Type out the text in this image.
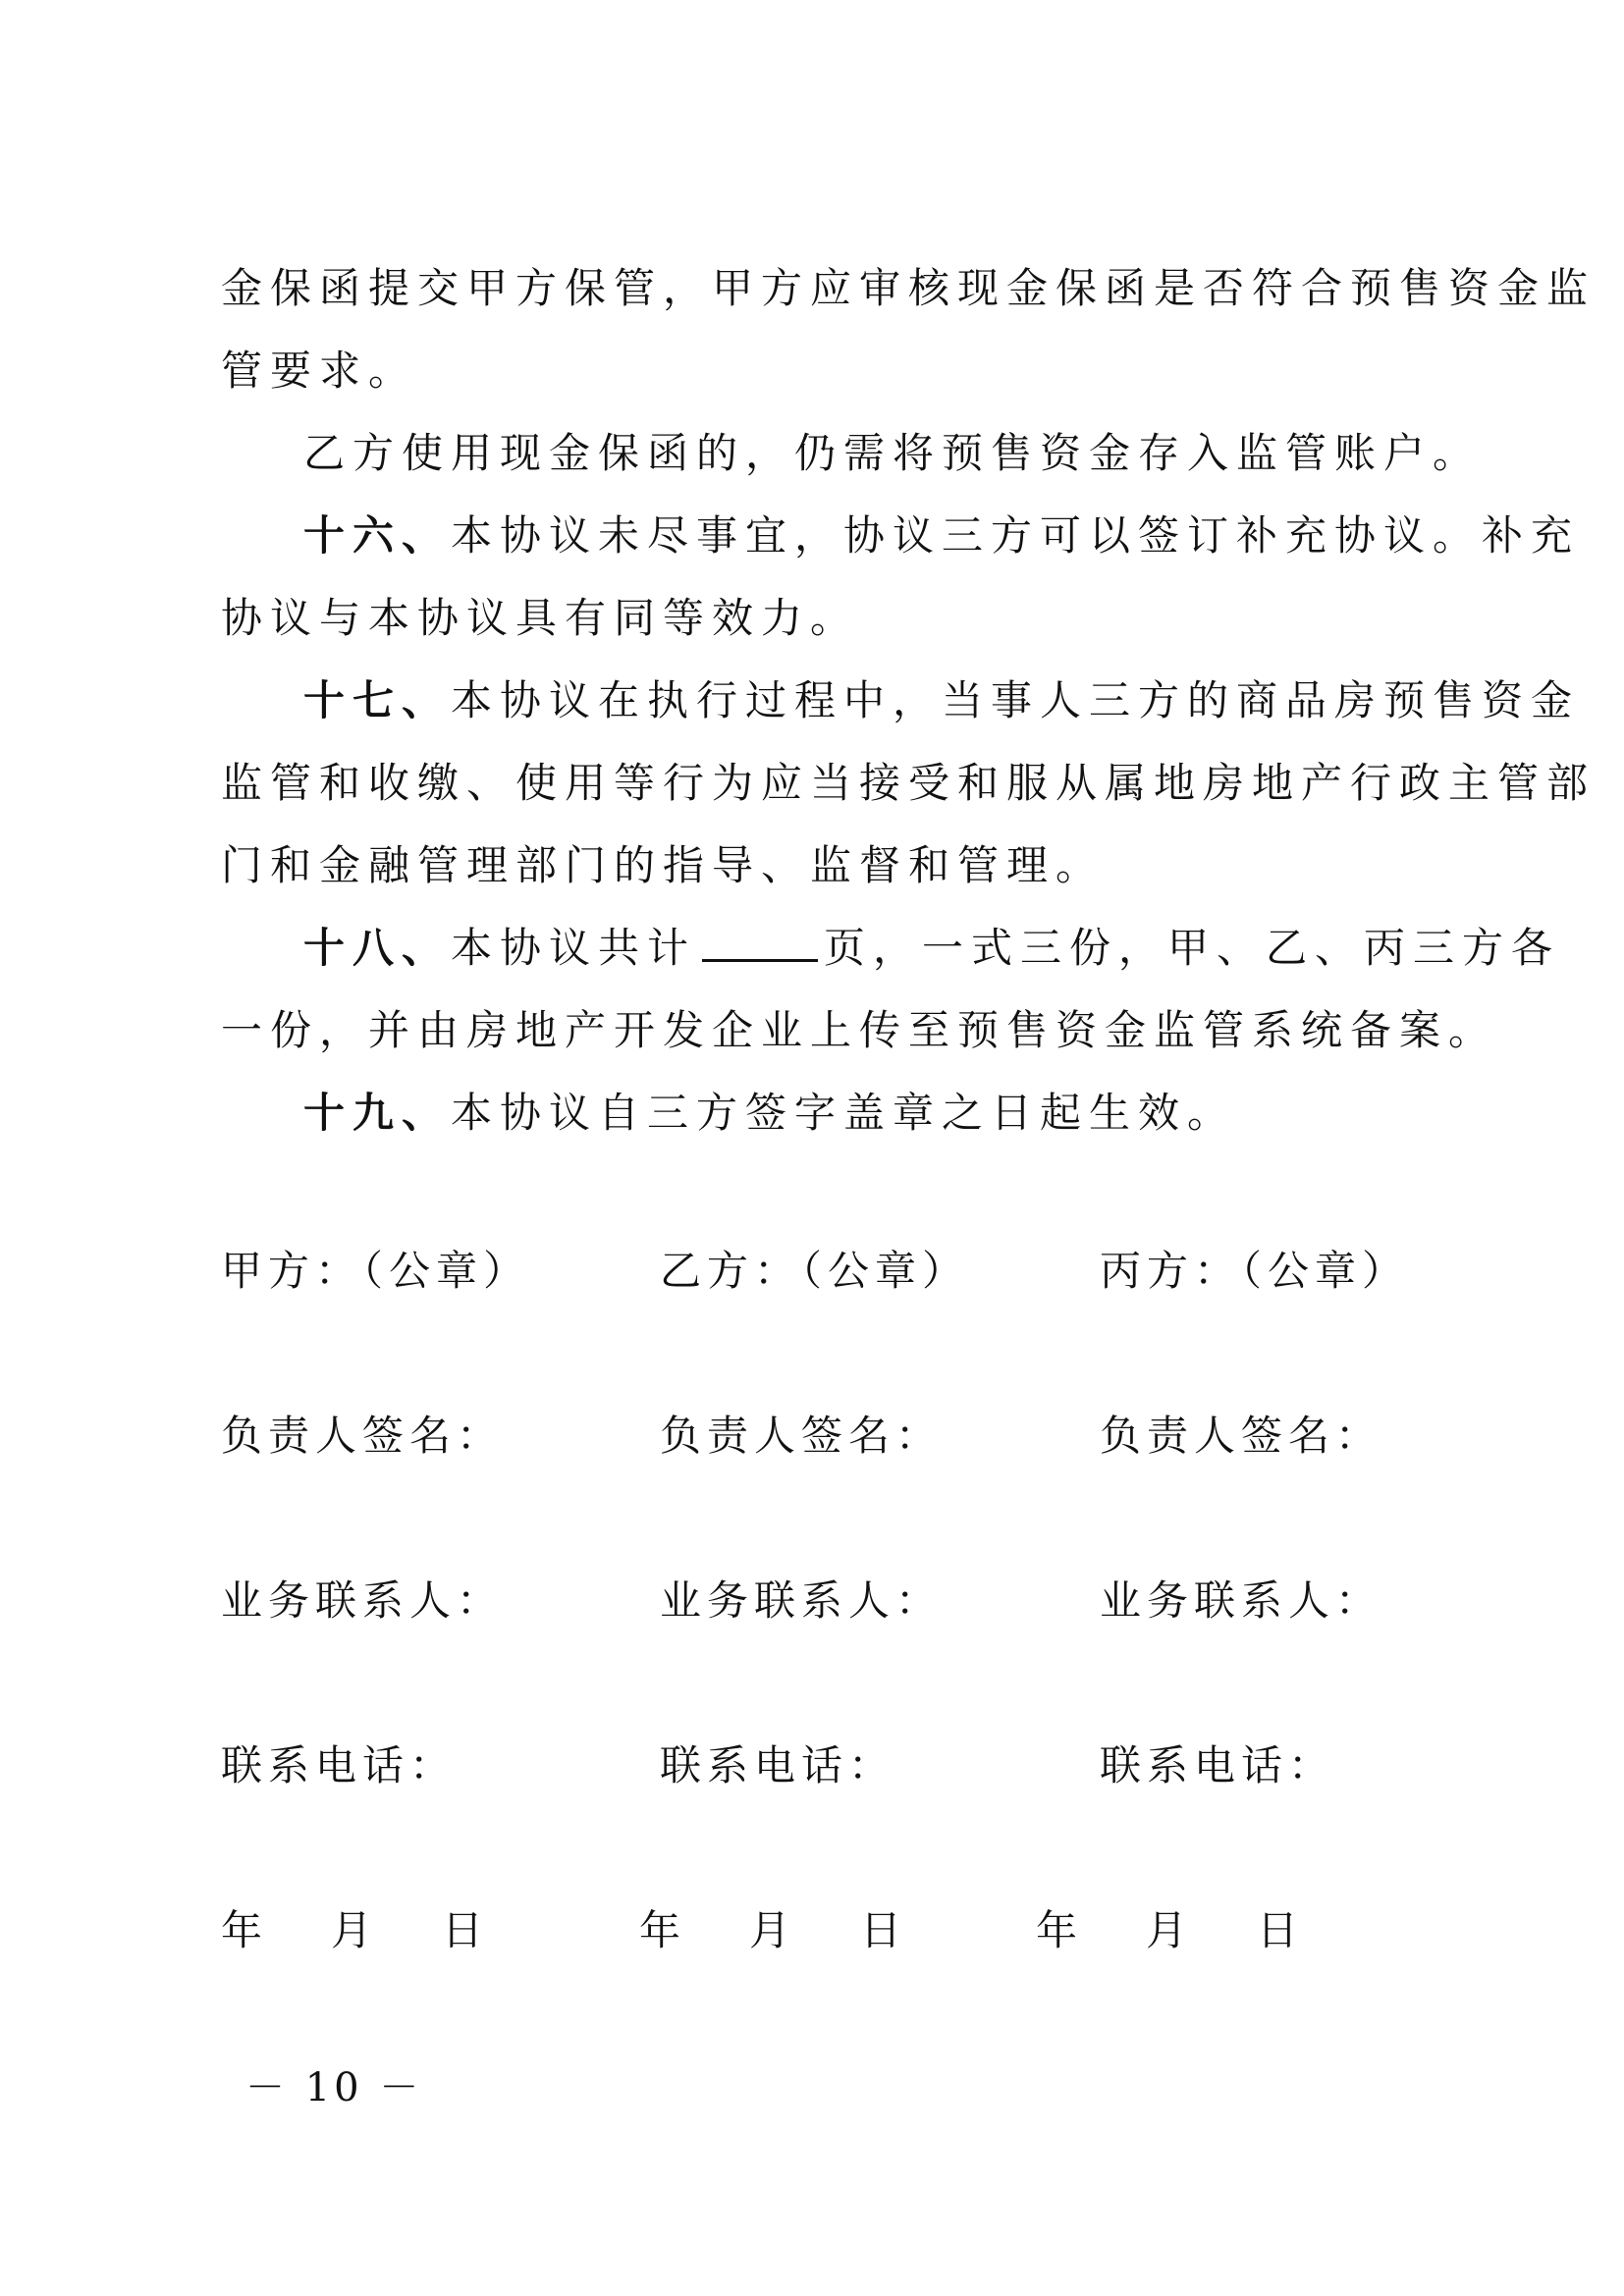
金保函提交甲方保管，甲方应审核现金保函是否符合预售资金监
管要求。
乙方使用现金保函的，仍需将预售资金存入监管账户。
十六、本协议未尽事宜，协议三方可以签订补充协议。补充
协议与本协议具有同等效力。
十七、本协议在执行过程中，当事人三方的商品房预售资金
监管和收缴、使用等行为应当接受和服从属地房地产行政主管部
门和金融管理部门的指导、监督和管理。
十八、本协议共计	页，一式三份，甲、乙、丙三方各
一份，并由房地产开发企业上传至预售资金监管系统备案。
十九、本协议自三方签字盖章之日起生效。
甲方：（公章）	乙方：（公章）	丙方：（公章）
负责人签名：	负责人签名：	负责人签名：
业务联系人：	业务联系人：	业务联系人：
联系电话：	联系电话：	联系电话：
年 月 日	年 月 日	年 月 日
－ 10 －
